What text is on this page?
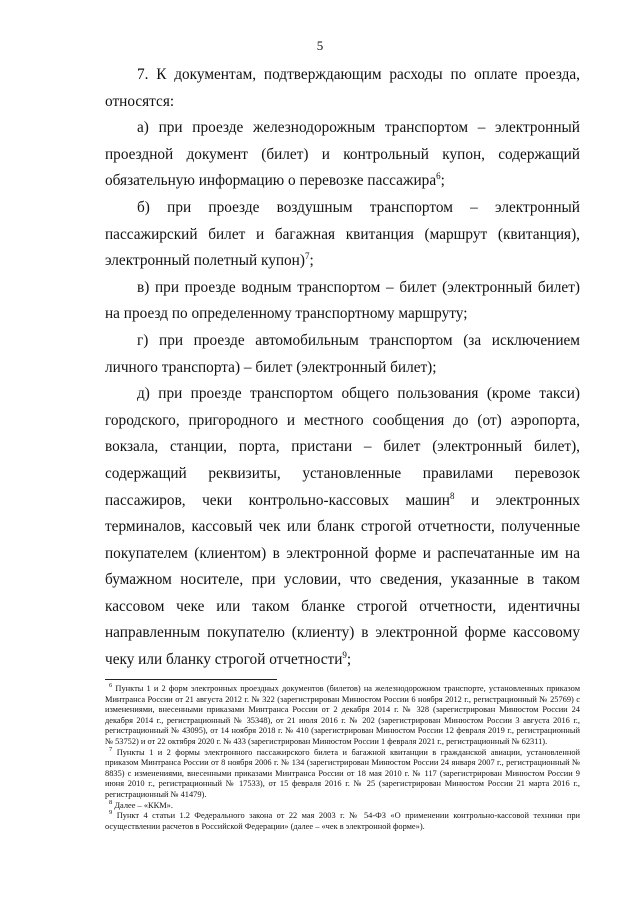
5

7. К документам, подтверждающим расходы по оплате проезда, относятся:

а) при проезде железнодорожным транспортом – электронный проездной документ (билет) и контрольный купон, содержащий обязательную информацию о перевозке пассажира$^6$;

б) при проезде воздушным транспортом – электронный пассажирский билет и багажная квитанция (маршрут (квитанция), электронный полетный купон)$^7$;

в) при проезде водным транспортом – билет (электронный билет) на проезд по определенному транспортному маршруту;

г) при проезде автомобильным транспортом (за исключением личного транспорта) – билет (электронный билет);

д) при проезде транспортом общего пользования (кроме такси) городского, пригородного и местного сообщения до (от) аэропорта, вокзала, станции, порта, пристани – билет (электронный билет), содержащий реквизиты, установленные правилами перевозок пассажиров, чеки контрольно-кассовых машин$^8$ и электронных терминалов, кассовый чек или бланк строгой отчетности, полученные покупателем (клиентом) в электронной форме и распечатанные им на бумажном носителе, при условии, что сведения, указанные в таком кассовом чеке или таком бланке строгой отчетности, идентичны направленным покупателю (клиенту) в электронной форме кассовому чеку или бланку строгой отчетности$^9$;

$^6$ Пункты 1 и 2 форм электронных проездных документов (билетов) на железнодорожном транспорте, установленных приказом Минтранса России от 21 августа 2012 г. № 322 (зарегистрирован Минюстом России 6 ноября 2012 г., регистрационный № 25769) с изменениями, внесенными приказами Минтранса России от 2 декабря 2014 г. № 328 (зарегистрирован Минюстом России 24 декабря 2014 г., регистрационный № 35348), от 21 июля 2016 г. № 202 (зарегистрирован Минюстом России 3 августа 2016 г., регистрационный № 43095), от 14 ноября 2018 г. № 410 (зарегистрирован Минюстом России 12 февраля 2019 г., регистрационный № 53752) и от 22 октября 2020 г. № 433 (зарегистрирован Минюстом России 1 февраля 2021 г., регистрационный № 62311).

$^7$ Пункты 1 и 2 формы электронного пассажирского билета и багажной квитанции в гражданской авиации, установленной приказом Минтранса России от 8 ноября 2006 г. № 134 (зарегистрирован Минюстом России 24 января 2007 г., регистрационный № 8835) с изменениями, внесенными приказами Минтранса России от 18 мая 2010 г. № 117 (зарегистрирован Минюстом России 9 июня 2010 г., регистрационный № 17533), от 15 февраля 2016 г. № 25 (зарегистрирован Минюстом России 21 марта 2016 г., регистрационный № 41479).

$^8$ Далее – «ККМ».

$^9$ Пункт 4 статьи 1.2 Федерального закона от 22 мая 2003 г. № 54-ФЗ «О применении контрольно-кассовой техники при осуществлении расчетов в Российской Федерации» (далее – «чек в электронной форме»).
